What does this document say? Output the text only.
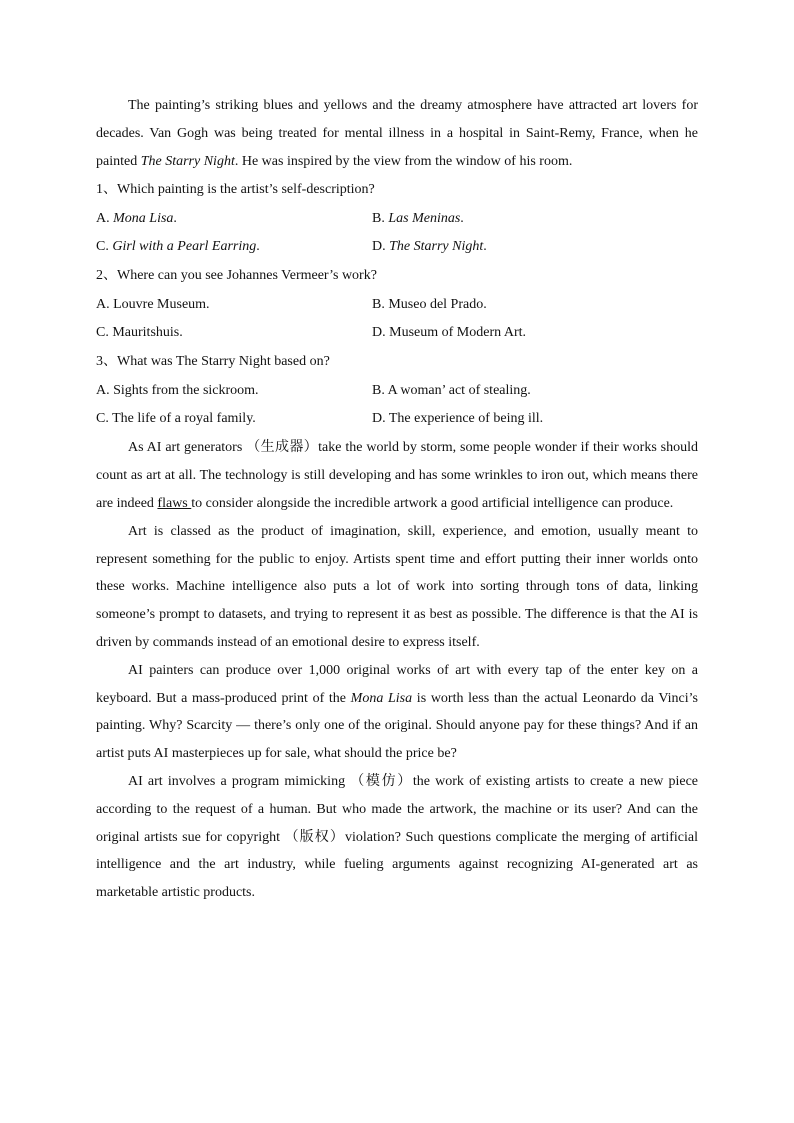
The painting’s striking blues and yellows and the dreamy atmosphere have attracted art lovers for decades. Van Gogh was being treated for mental illness in a hospital in Saint-Remy, France, when he painted The Starry Night. He was inspired by the view from the window of his room.

1、Which painting is the artist’s self-description?
A. Mona Lisa.	B. Las Meninas.
C. Girl with a Pearl Earring.	D. The Starry Night.
2、Where can you see Johannes Vermeer’s work?
A. Louvre Museum.	B. Museo del Prado.
C. Mauritshuis.	D. Museum of Modern Art.
3、What was The Starry Night based on?
A. Sights from the sickroom.	B. A woman’ act of stealing.
C. The life of a royal family.	D. The experience of being ill.

As AI art generators （生成器）take the world by storm, some people wonder if their works should count as art at all. The technology is still developing and has some wrinkles to iron out, which means there are indeed flaws to consider alongside the incredible artwork a good artificial intelligence can produce.

Art is classed as the product of imagination, skill, experience, and emotion, usually meant to represent something for the public to enjoy. Artists spent time and effort putting their inner worlds onto these works. Machine intelligence also puts a lot of work into sorting through tons of data, linking someone’s prompt to datasets, and trying to represent it as best as possible. The difference is that the AI is driven by commands instead of an emotional desire to express itself.

AI painters can produce over 1,000 original works of art with every tap of the enter key on a keyboard. But a mass-produced print of the Mona Lisa is worth less than the actual Leonardo da Vinci’s painting. Why? Scarcity — there’s only one of the original. Should anyone pay for these things? And if an artist puts AI masterpieces up for sale, what should the price be?

AI art involves a program mimicking （模仿）the work of existing artists to create a new piece according to the request of a human. But who made the artwork, the machine or its user? And can the original artists sue for copyright （版权）violation? Such questions complicate the merging of artificial intelligence and the art industry, while fueling arguments against recognizing AI-generated art as marketable artistic products.
